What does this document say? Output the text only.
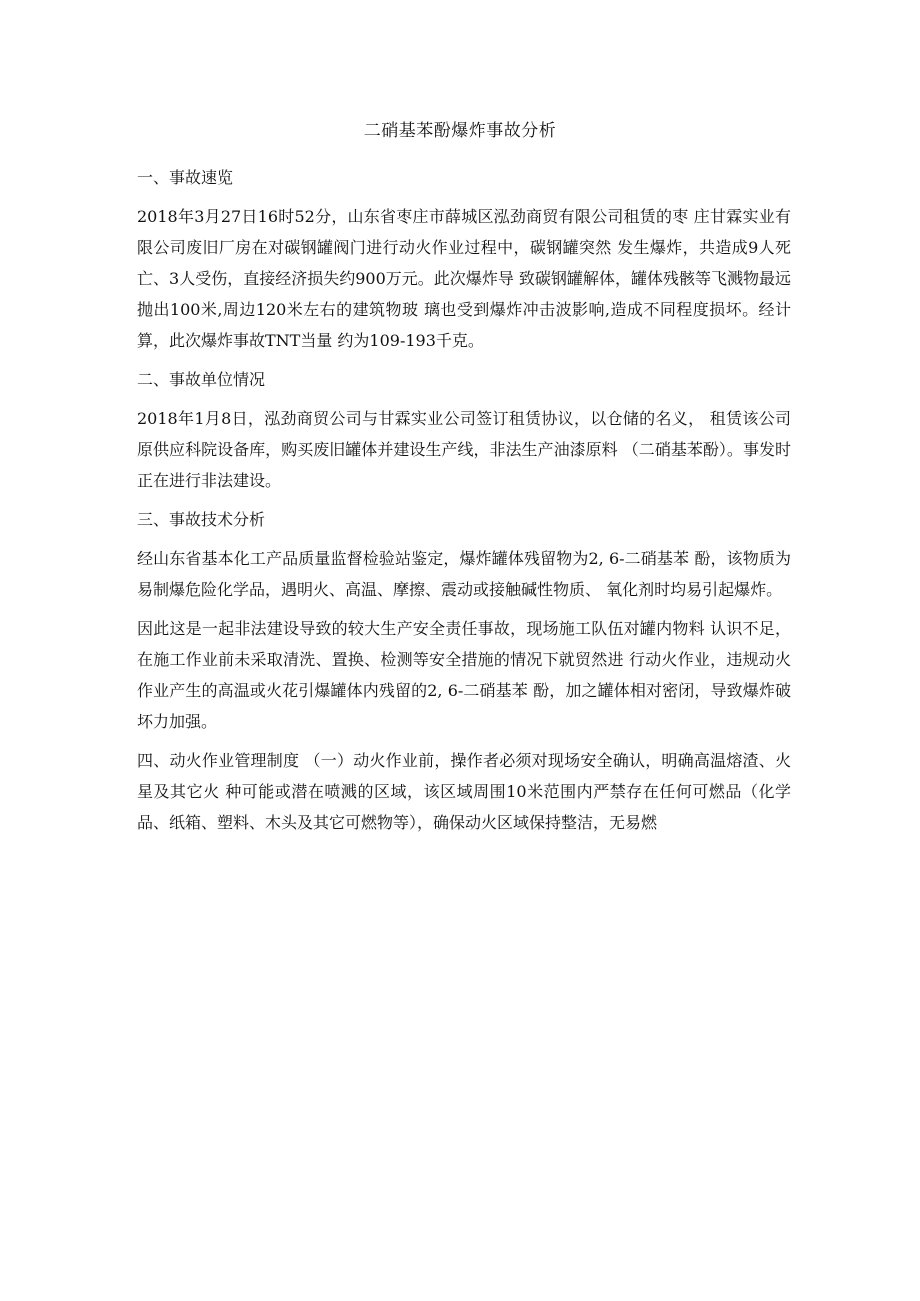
二硝基苯酚爆炸事故分析
一、事故速览
2018年3月27日16时52分，山东省枣庄市薛城区泓劲商贸有限公司租赁的枣 庄甘霖实业有限公司废旧厂房在对碳钢罐阀门进行动火作业过程中，碳钢罐突然 发生爆炸，共造成9人死亡、3人受伤，直接经济损失约900万元。此次爆炸导 致碳钢罐解体，罐体残骸等飞溅物最远抛出100米,周边120米左右的建筑物玻 璃也受到爆炸冲击波影响,造成不同程度损坏。经计算，此次爆炸事故TNT当量 约为109-193千克。
二、事故单位情况
2018年1月8日，泓劲商贸公司与甘霖实业公司签订租赁协议，以仓储的名义， 租赁该公司原供应科院设备库，购买废旧罐体并建设生产线，非法生产油漆原料 （二硝基苯酚）。事发时正在进行非法建设。
三、事故技术分析
经山东省基本化工产品质量监督检验站鉴定，爆炸罐体残留物为2, 6-二硝基苯 酚，该物质为易制爆危险化学品，遇明火、高温、摩擦、震动或接触碱性物质、 氧化剂时均易引起爆炸。
因此这是一起非法建设导致的较大生产安全责任事故，现场施工队伍对罐内物料 认识不足，在施工作业前未采取清洗、置换、检测等安全措施的情况下就贸然进 行动火作业，违规动火作业产生的高温或火花引爆罐体内残留的2, 6-二硝基苯 酚，加之罐体相对密闭，导致爆炸破坏力加强。
四、动火作业管理制度 （一）动火作业前，操作者必须对现场安全确认，明确高温熔渣、火星及其它火 种可能或潜在喷溅的区域，该区域周围10米范围内严禁存在任何可燃品（化学 品、纸箱、塑料、木头及其它可燃物等），确保动火区域保持整洁，无易燃
